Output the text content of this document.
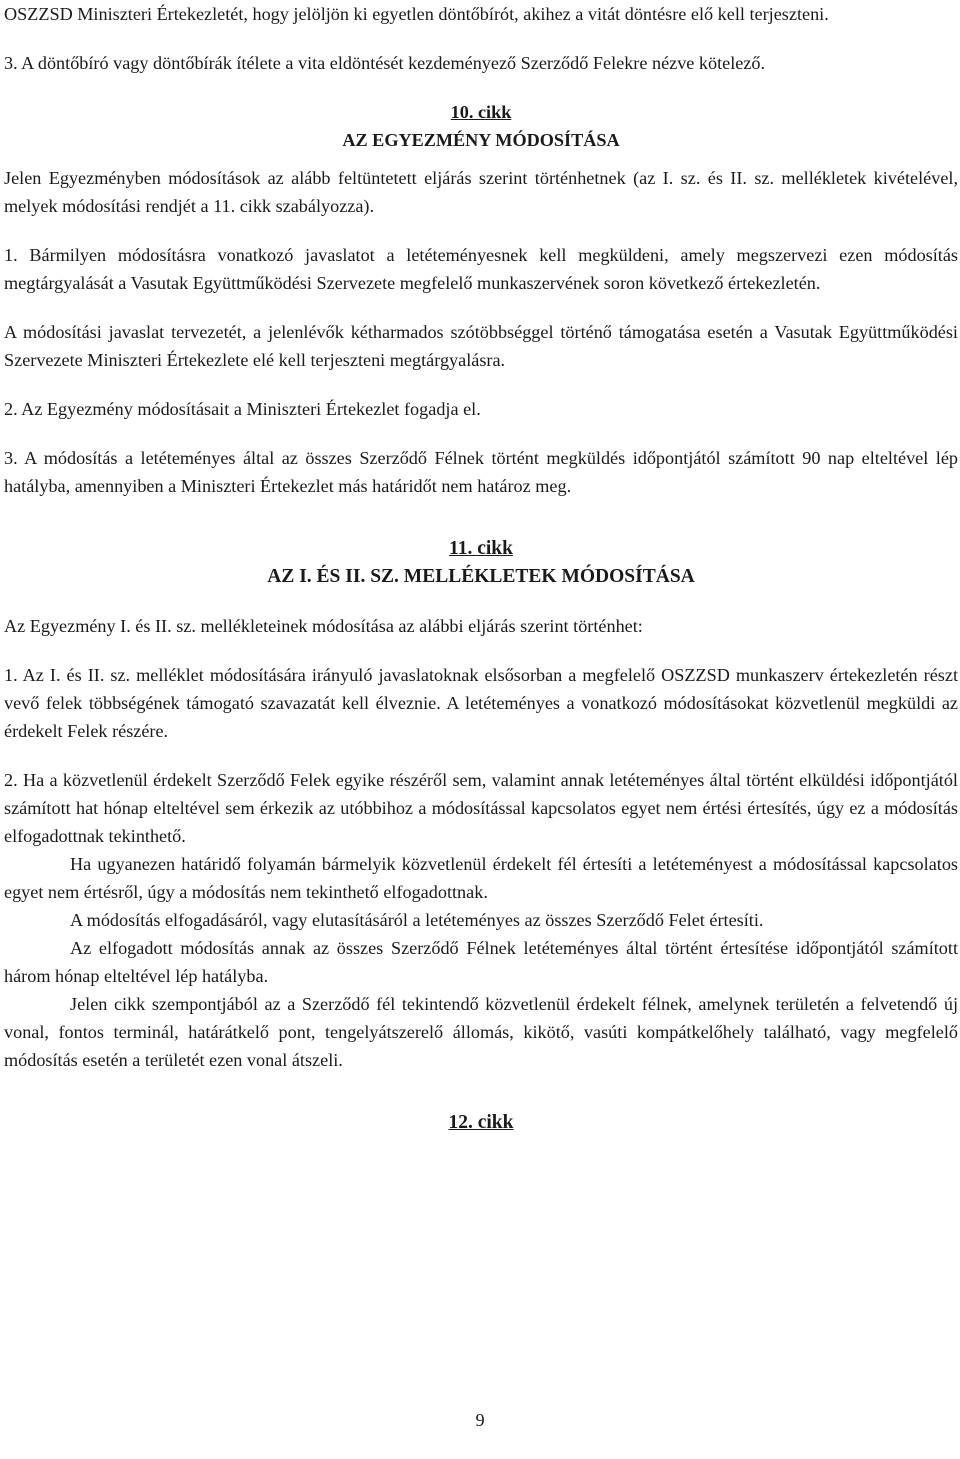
OSZZSD Miniszteri Értekezletét, hogy jelöljön ki egyetlen döntőbírót, akihez a vitát döntésre elő kell terjeszteni.

3. A döntőbíró vagy döntőbírák ítélete a vita eldöntését kezdeményező Szerződő Felekre nézve kötelező.

10. cikk

AZ EGYEZMÉNY MÓDOSÍTÁSA

Jelen Egyezményben módosítások az alább feltüntetett eljárás szerint történhetnek (az I. sz. és II. sz. mellékletek kivételével, melyek módosítási rendjét a 11. cikk szabályozza).

1. Bármilyen módosításra vonatkozó javaslatot a letéteményesnek kell megküldeni, amely megszervezi ezen módosítás megtárgyalását a Vasutak Együttműködési Szervezete megfelelő munkaszervének soron következő értekezletén.

A módosítási javaslat tervezetét, a jelenlévők kétharmados szótöbbséggel történő támogatása esetén a Vasutak Együttműködési Szervezete Miniszteri Értekezlete elé kell terjeszteni megtárgyalásra.

2. Az Egyezmény módosításait a Miniszteri Értekezlet fogadja el.

3. A módosítás a letéteményes által az összes Szerződő Félnek történt megküldés időpontjától számított 90 nap elteltével lép hatályba, amennyiben a Miniszteri Értekezlet más határidőt nem határoz meg.

11. cikk

AZ I. ÉS II. SZ. MELLÉKLETEK MÓDOSÍTÁSA

Az Egyezmény I. és II. sz. mellékleteinek módosítása az alábbi eljárás szerint történhet:

1. Az I. és II. sz. melléklet módosítására irányuló javaslatoknak elsősorban a megfelelő OSZZSD munkaszerv értekezletén részt vevő felek többségének támogató szavazatát kell élveznie. A letéteményes a vonatkozó módosításokat közvetlenül megküldi az érdekelt Felek részére.

2. Ha a közvetlenül érdekelt Szerződő Felek egyike részéről sem, valamint annak letéteményes által történt elküldési időpontjától számított hat hónap elteltével sem érkezik az utóbbihoz a módosítással kapcsolatos egyet nem értési értesítés, úgy ez a módosítás elfogadottnak tekinthető.

Ha ugyanezen határidő folyamán bármelyik közvetlenül érdekelt fél értesíti a letéteményest a módosítással kapcsolatos egyet nem értésről, úgy a módosítás nem tekinthető elfogadottnak.

A módosítás elfogadásáról, vagy elutasításáról a letéteményes az összes Szerződő Felet értesíti.

Az elfogadott módosítás annak az összes Szerződő Félnek letéteményes által történt értesítése időpontjától számított három hónap elteltével lép hatályba.

Jelen cikk szempontjából az a Szerződő fél tekintendő közvetlenül érdekelt félnek, amelynek területén a felvetendő új vonal, fontos terminál, határátkelő pont, tengelyátszerelő állomás, kikötő, vasúti kompátkelőhely található, vagy megfelelő módosítás esetén a területét ezen vonal átszeli.

12. cikk

9
